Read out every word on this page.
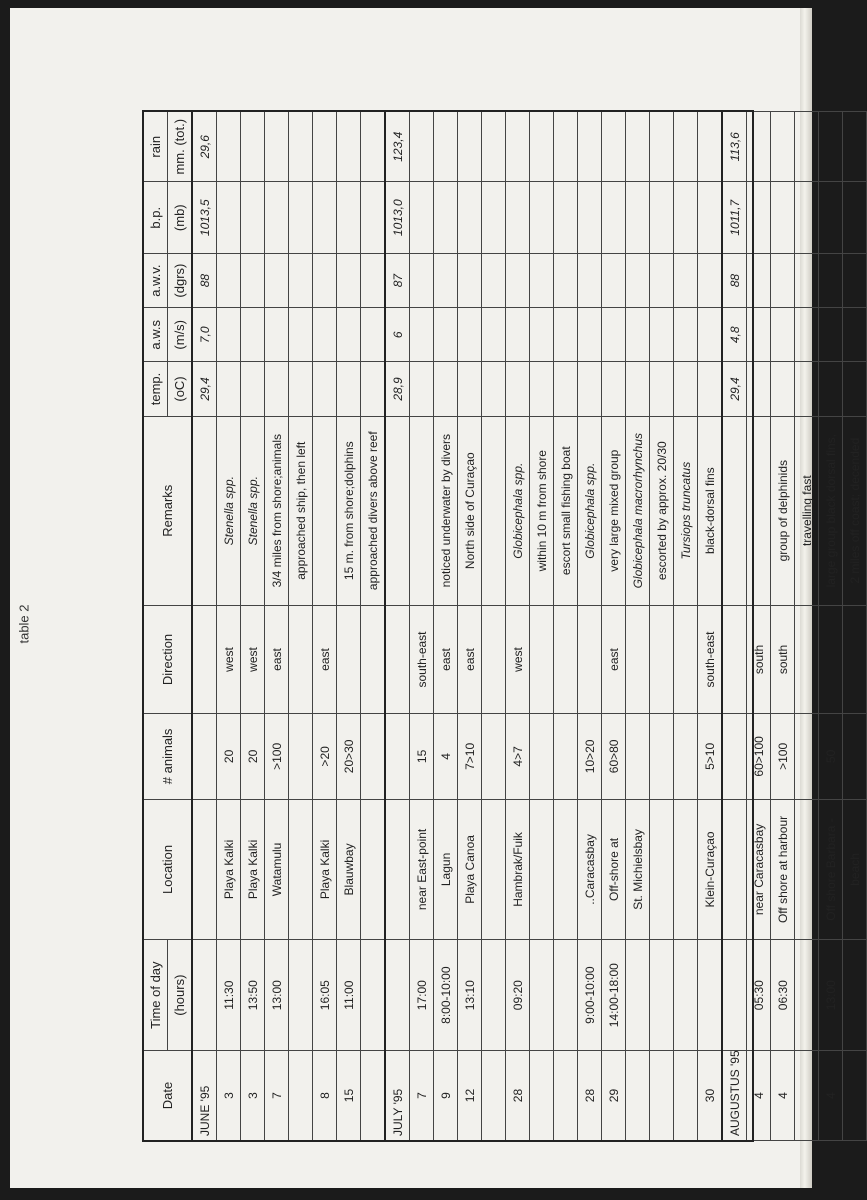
table 2
Date	Time of day	Location	# animals	Direction	Remarks	temp.	a.w.s	a.w.v.	b.p.	rain
	(hours)					(oC)	(m/s)	(dgrs)	(mb)	mm. (tot.)
JUNE '95						29,4	7,0	88	1013,5	29,6
3	11:30	Playa Kalki	20	west	Stenella spp.					
3	13:50	Playa Kalki	20	west	Stenella spp.					
7	13:00	Watamulu	>100	east	3/4 miles from shore;animals					
					approached ship, then left					
8	16:05	Playa Kalki	>20	east						
15	11:00	Blauwbay	20>30		15 m. from shore;dolphins					
					approached divers above reef					
JULY '95						28,9	6	87	1013,0	123,4
7	17:00	near East-point	15	south-east						
9	8:00-10:00	Lagun	4	east	noticed underwater by divers					
12	13:10	Playa Canoa	7>10	east	North side of Curaçao					

28	09:20	Hambrak/Fuik	4>7	west	Globicephala spp.					
					within 10 m from shore					
					escort small fishing boat					
28	9:00-10:00	..Caracasbay	10>20		Globicephala spp.					
29	14:00-18:00	Off-shore at	60>80	east	very large mixed group					
		St. Michielsbay			Globicephala macrorhynchus					
					escorted by approx. 20/30					
					Tursiops truncatus					
30		Klein-Curaçao	5>10	south-east	black-dorsal fins					
AUGUSTUS '95						29,4	4,8	88	1011,7	113,6
4	05:30	near Caracasbay	60>100	south						
4	06:30	Off shore at harbour	>100	south	group of delphinids					
					travelling fast					
4	13:00	Off shore Barbara -	50		large group black dorsal fins,					
		beach			2 miles off coast; decended					
